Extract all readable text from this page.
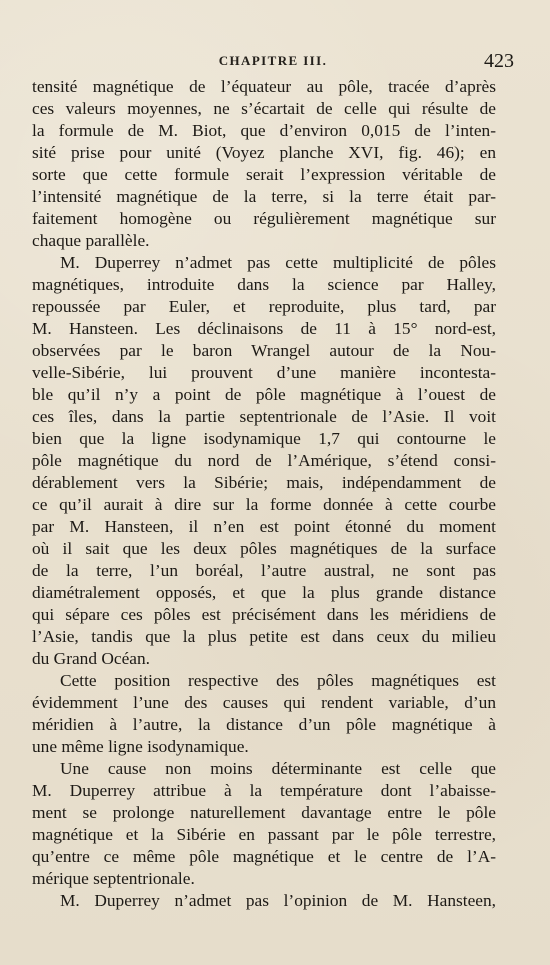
CHAPITRE III.	423
tensité magnétique de l’équateur au pôle, tracée d’après
ces valeurs moyennes, ne s’écartait de celle qui résulte de
la formule de M. Biot, que d’environ 0,015 de l’inten-
sité prise pour unité (Voyez planche XVI, fig. 46); en
sorte que cette formule serait l’expression véritable de
l’intensité magnétique de la terre, si la terre était par-
faitement homogène ou régulièrement magnétique sur
chaque parallèle.
M. Duperrey n’admet pas cette multiplicité de pôles
magnétiques, introduite dans la science par Halley,
repoussée par Euler, et reproduite, plus tard, par
M. Hansteen. Les déclinaisons de 11 à 15° nord-est,
observées par le baron Wrangel autour de la Nou-
velle-Sibérie, lui prouvent d’une manière incontesta-
ble qu’il n’y a point de pôle magnétique à l’ouest de
ces îles, dans la partie septentrionale de l’Asie. Il voit
bien que la ligne isodynamique 1,7 qui contourne le
pôle magnétique du nord de l’Amérique, s’étend consi-
dérablement vers la Sibérie; mais, indépendamment de
ce qu’il aurait à dire sur la forme donnée à cette courbe
par M. Hansteen, il n’en est point étonné du moment
où il sait que les deux pôles magnétiques de la surface
de la terre, l’un boréal, l’autre austral, ne sont pas
diamétralement opposés, et que la plus grande distance
qui sépare ces pôles est précisément dans les méridiens de
l’Asie, tandis que la plus petite est dans ceux du milieu
du Grand Océan.
Cette position respective des pôles magnétiques est
évidemment l’une des causes qui rendent variable, d’un
méridien à l’autre, la distance d’un pôle magnétique à
une même ligne isodynamique.
Une cause non moins déterminante est celle que
M. Duperrey attribue à la température dont l’abaisse-
ment se prolonge naturellement davantage entre le pôle
magnétique et la Sibérie en passant par le pôle terrestre,
qu’entre ce même pôle magnétique et le centre de l’A-
mérique septentrionale.
M. Duperrey n’admet pas l’opinion de M. Hansteen,
